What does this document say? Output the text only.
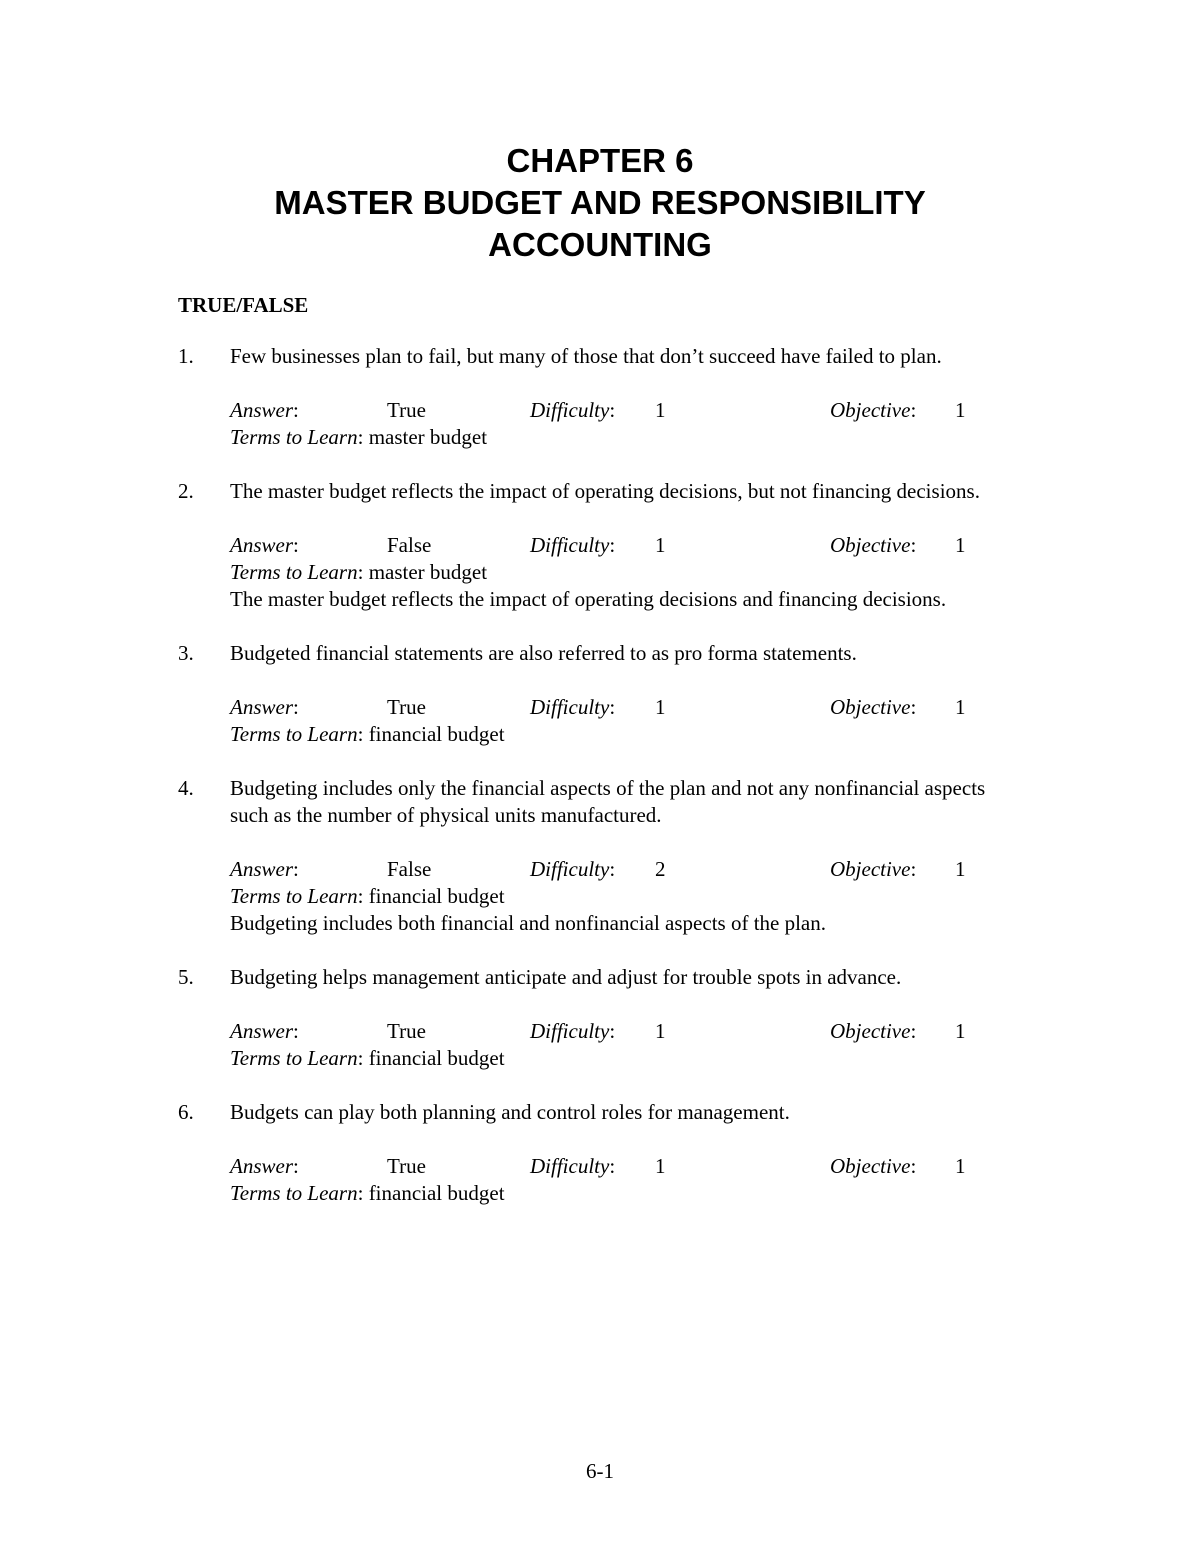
CHAPTER 6
MASTER BUDGET AND RESPONSIBILITY
ACCOUNTING
TRUE/FALSE
1. Few businesses plan to fail, but many of those that don’t succeed have failed to plan.
Answer:	True	Difficulty: 1	Objective: 1
Terms to Learn: master budget
2. The master budget reflects the impact of operating decisions, but not financing decisions.
Answer:	False	Difficulty: 1	Objective: 1
Terms to Learn: master budget
The master budget reflects the impact of operating decisions and financing decisions.
3. Budgeted financial statements are also referred to as pro forma statements.
Answer:	True	Difficulty: 1	Objective: 1
Terms to Learn: financial budget
4. Budgeting includes only the financial aspects of the plan and not any nonfinancial aspects such as the number of physical units manufactured.
Answer:	False	Difficulty: 2	Objective: 1
Terms to Learn: financial budget
Budgeting includes both financial and nonfinancial aspects of the plan.
5. Budgeting helps management anticipate and adjust for trouble spots in advance.
Answer:	True	Difficulty: 1	Objective: 1
Terms to Learn: financial budget
6. Budgets can play both planning and control roles for management.
Answer:	True	Difficulty: 1	Objective: 1
Terms to Learn: financial budget
6-1
